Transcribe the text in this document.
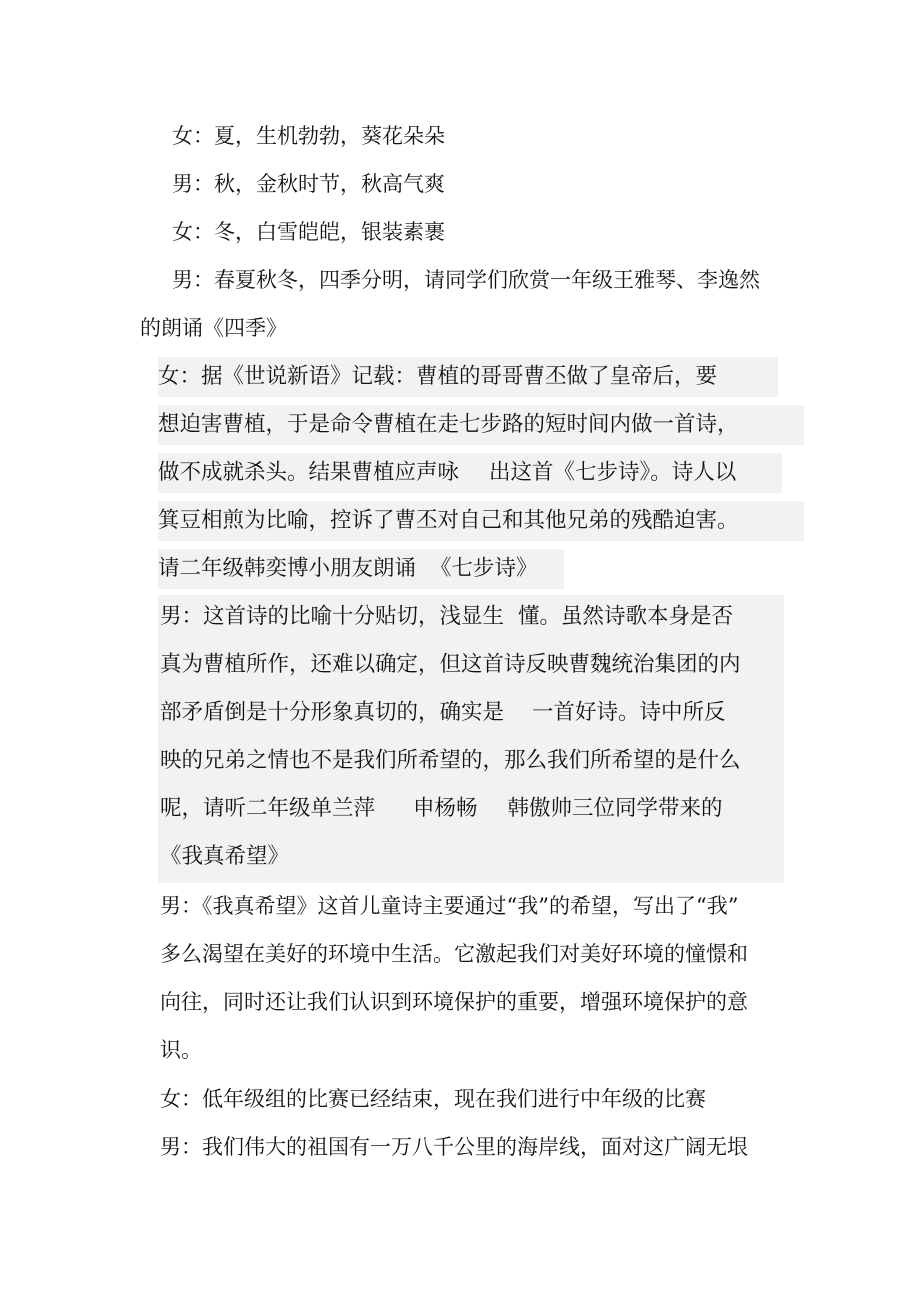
女：夏，生机勃勃，葵花朵朵

男：秋，金秋时节，秋高气爽

女：冬，白雪皑皑，银装素裹

男：春夏秋冬，四季分明，请同学们欣赏一年级王雅琴、李逸然

的朗诵《四季》

女：据《世说新语》记载：曹植的哥哥曹丕做了皇帝后，要

想迫害曹植，于是命令曹植在走七步路的短时间内做一首诗，

做不成就杀头。结果曹植应声咏 出这首《七步诗》。诗人以

箕豆相煎为比喻，控诉了曹丕对自己和其他兄弟的残酷迫害。

请二年级韩奕博小朋友朗诵 《七步诗》

男：这首诗的比喻十分贴切，浅显生 懂。虽然诗歌本身是否

真为曹植所作，还难以确定，但这首诗反映曹魏统治集团的内

部矛盾倒是十分形象真切的，确实是 一首好诗。诗中所反

映的兄弟之情也不是我们所希望的，那么我们所希望的是什么

呢，请听二年级单兰萍 申杨畅 韩傲帅三位同学带来的

《我真希望》

男：《我真希望》这首儿童诗主要通过“我”的希望，写出了“我”

多么渴望在美好的环境中生活。它激起我们对美好环境的憧憬和

向往，同时还让我们认识到环境保护的重要，增强环境保护的意

识。

女：低年级组的比赛已经结束，现在我们进行中年级的比赛

男：我们伟大的祖国有一万八千公里的海岸线，面对这广阔无垠
